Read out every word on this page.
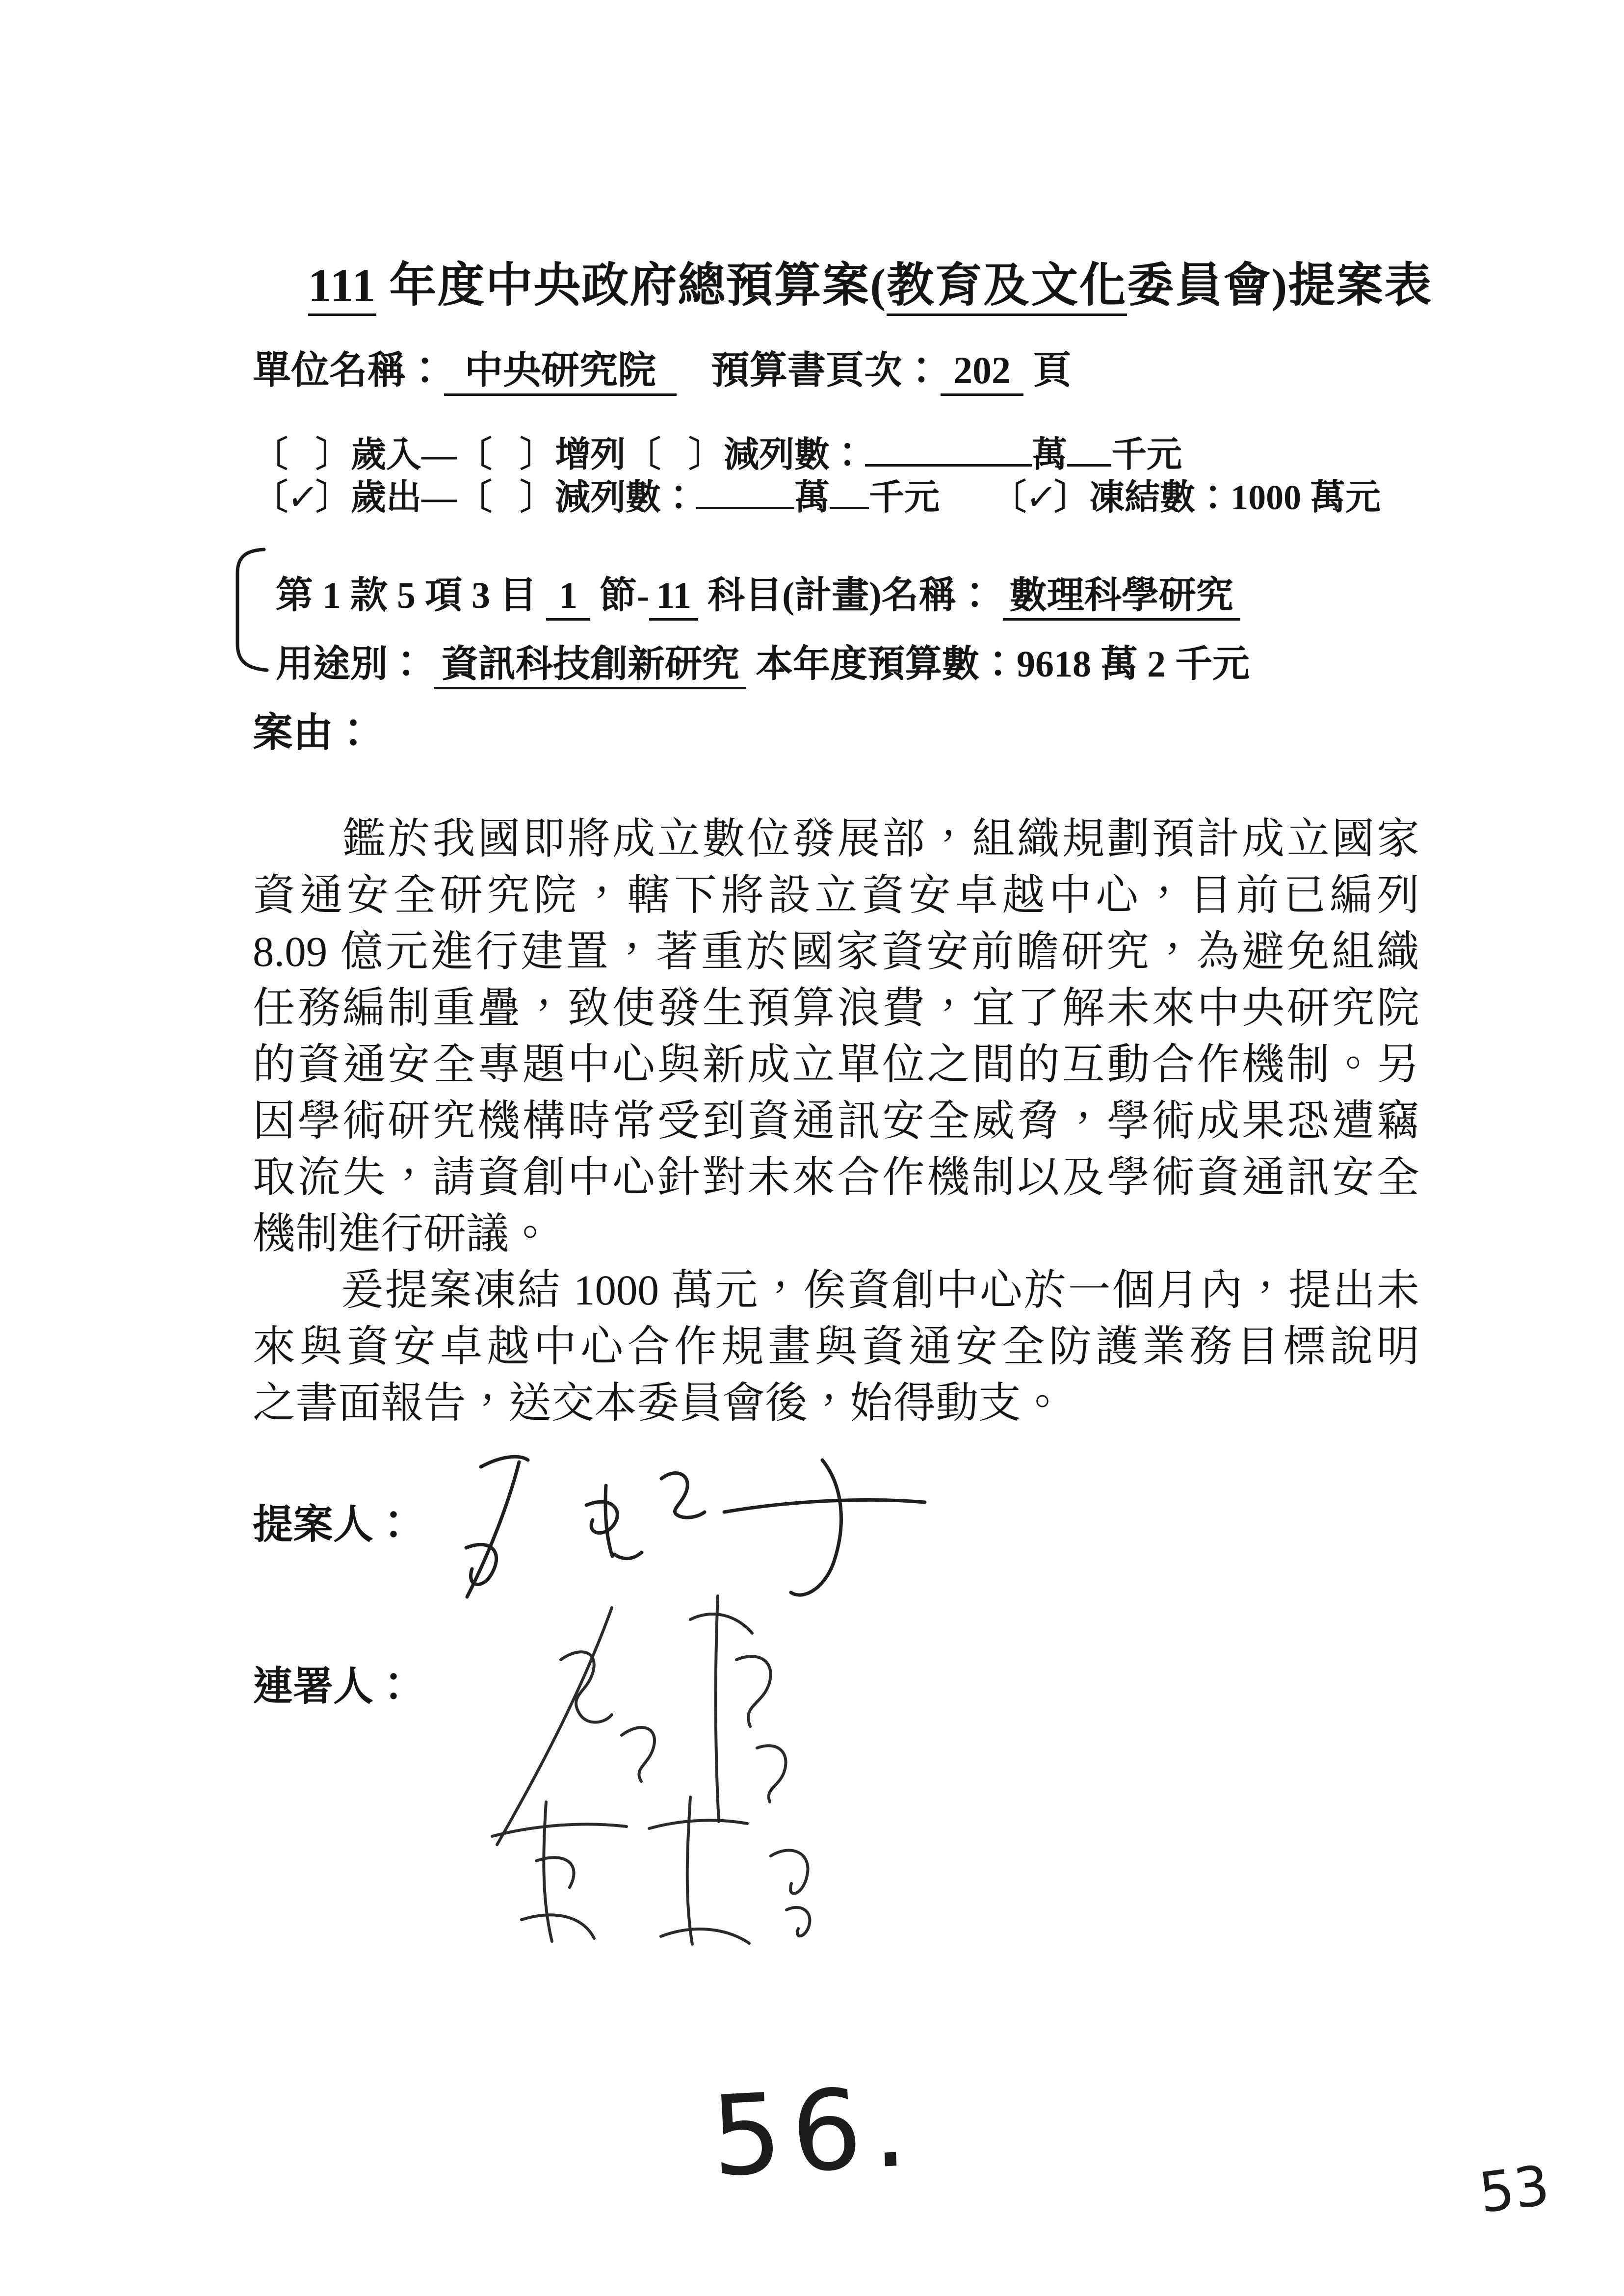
111 年度中央政府總預算案(教育及文化委員會)提案表
單位名稱： 中央研究院 預算書頁次： 202 頁
〔 〕歲入—〔 〕增列〔 〕減列數：	萬 千元
〔✓〕歲出—〔 〕減列數：	萬 千元 〔✓〕凍結數：1000 萬元
第 1 款 5 項 3 目 1 節- 11 科目(計畫)名稱： 數理科學研究
用途別： 資訊科技創新研究 本年度預算數：9618 萬 2 千元
案由：
　　鑑於我國即將成立數位發展部，組織規劃預計成立國家
資通安全研究院，轄下將設立資安卓越中心，目前已編列
8.09 億元進行建置，著重於國家資安前瞻研究，為避免組織
任務編制重疊，致使發生預算浪費，宜了解未來中央研究院
的資通安全專題中心與新成立單位之間的互動合作機制。另
因學術研究機構時常受到資通訊安全威脅，學術成果恐遭竊
取流失，請資創中心針對未來合作機制以及學術資通訊安全
機制進行研議。
　　爰提案凍結 1000 萬元，俟資創中心於一個月內，提出未
來與資安卓越中心合作規畫與資通安全防護業務目標說明
之書面報告，送交本委員會後，始得動支。
提案人：
連署人：
56.	53
